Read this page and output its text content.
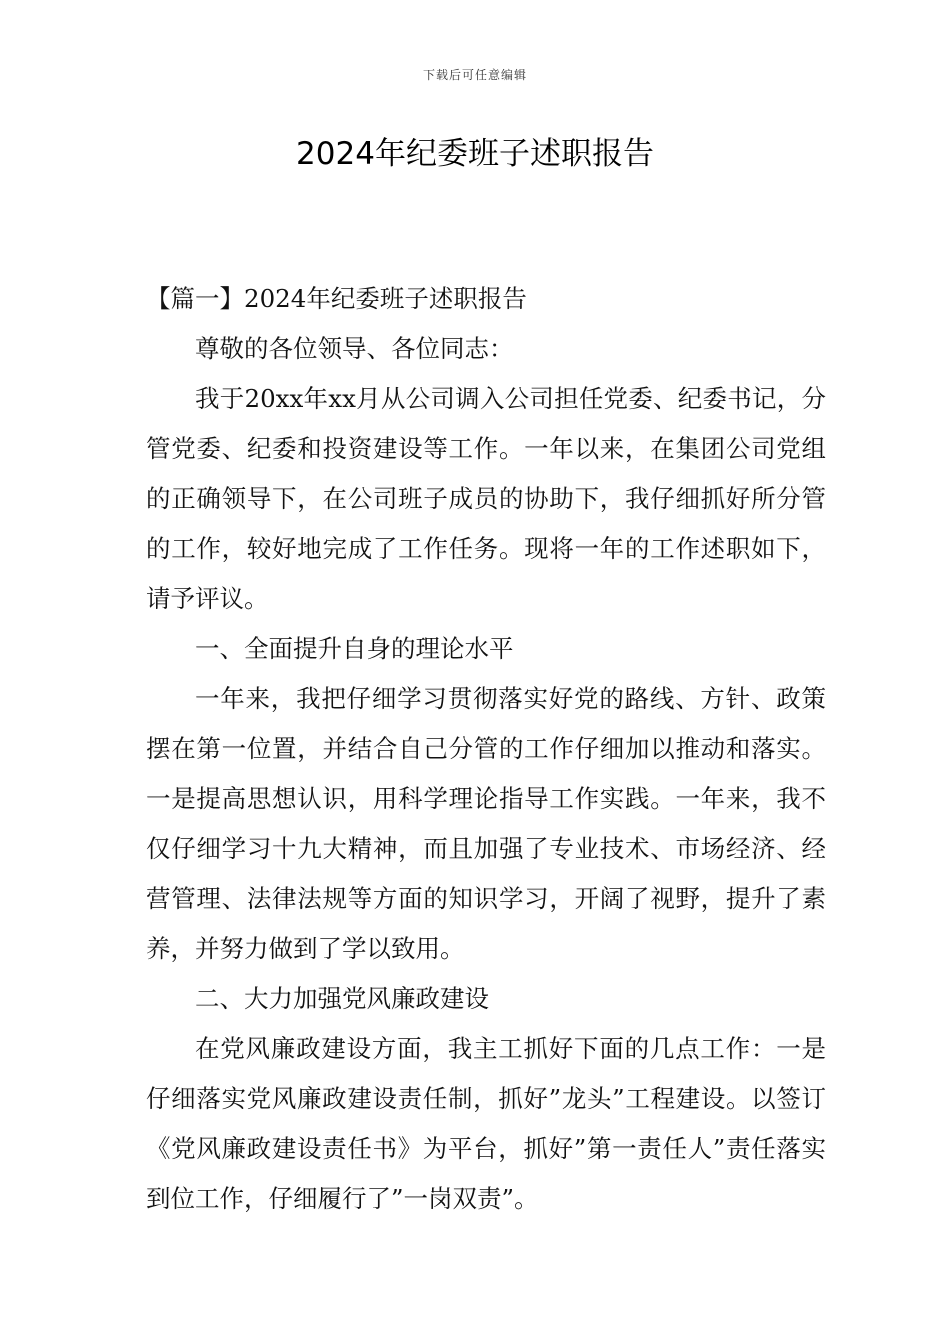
下载后可任意编辑
2024年纪委班子述职报告

【篇一】2024年纪委班子述职报告

尊敬的各位领导、各位同志：

我于20xx年xx月从公司调入公司担任党委、纪委书记，分管党委、纪委和投资建设等工作。一年以来，在集团公司党组的正确领导下，在公司班子成员的协助下，我仔细抓好所分管的工作，较好地完成了工作任务。现将一年的工作述职如下，请予评议。

一、全面提升自身的理论水平

一年来，我把仔细学习贯彻落实好党的路线、方针、政策摆在第一位置，并结合自己分管的工作仔细加以推动和落实。一是提高思想认识，用科学理论指导工作实践。一年来，我不仅仔细学习十九大精神，而且加强了专业技术、市场经济、经营管理、法律法规等方面的知识学习，开阔了视野，提升了素养，并努力做到了学以致用。

二、大力加强党风廉政建设

在党风廉政建设方面，我主工抓好下面的几点工作：一是仔细落实党风廉政建设责任制，抓好”龙头”工程建设。以签订《党风廉政建设责任书》为平台，抓好”第一责任人”责任落实到位工作，仔细履行了”一岗双责”。
